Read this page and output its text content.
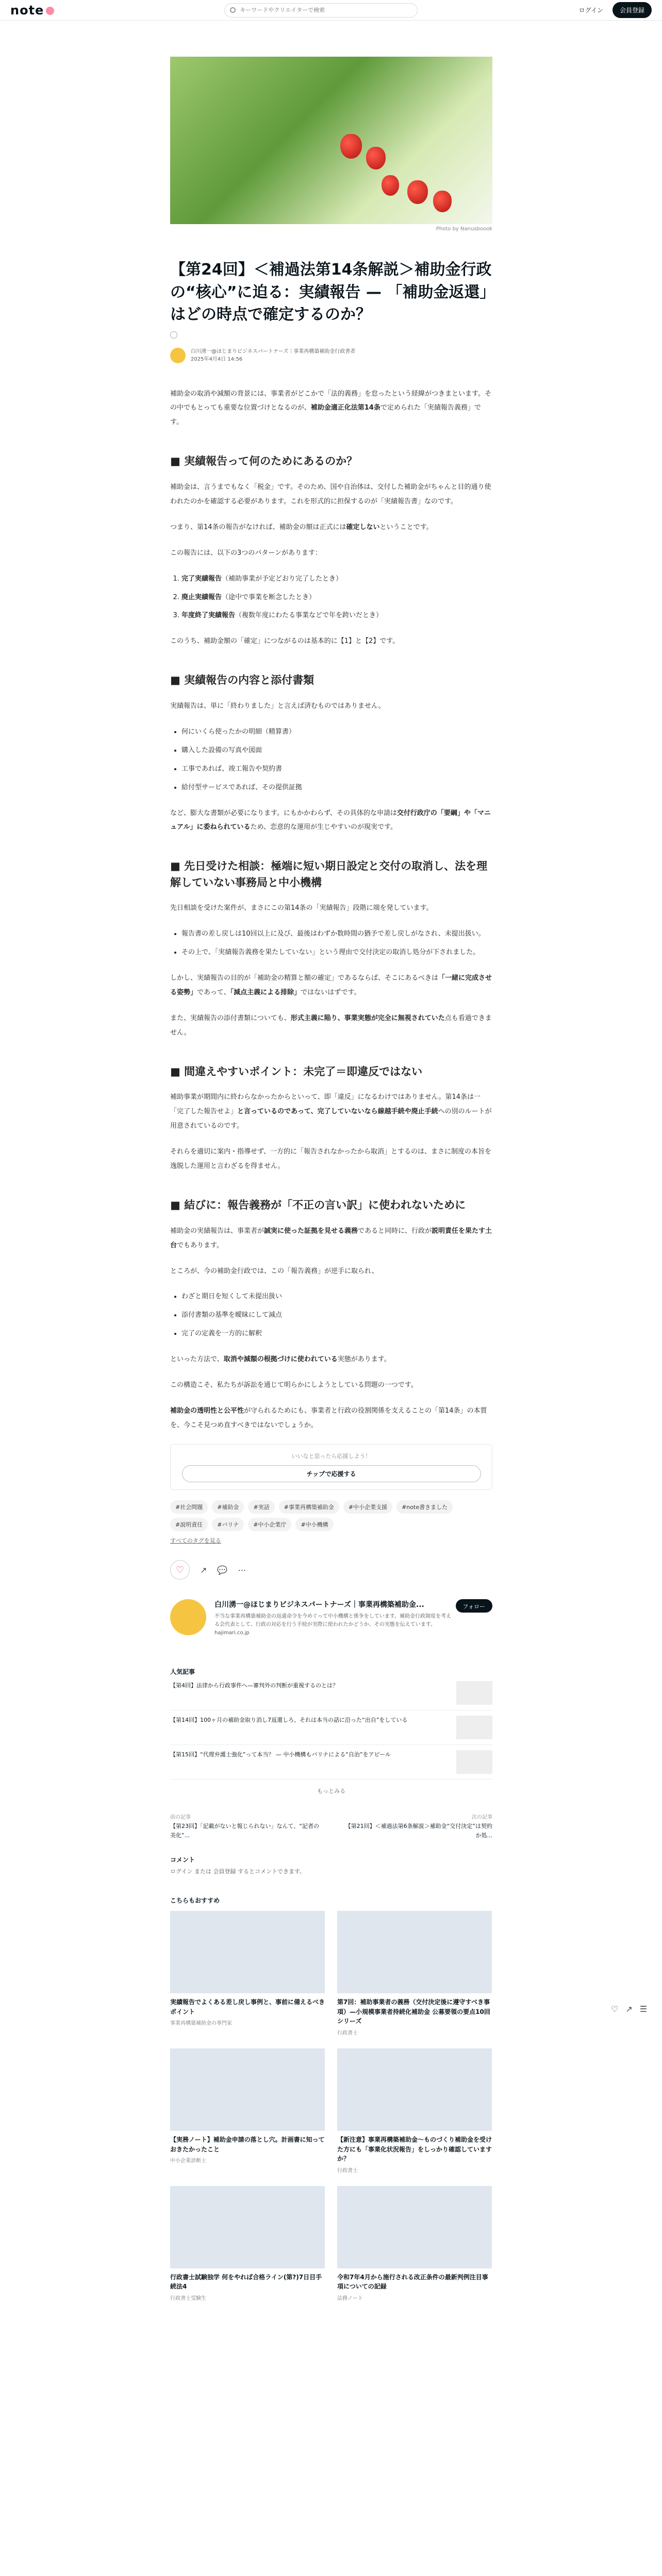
note
キーワードやクリエイターで検索	ログイン	会員登録
Photo by Nanusboook
【第24回】＜補過法第14条解説＞補助金行政の“核心”に迫る：実績報告 — 「補助金返還」はどの時点で確定するのか？
白川湧一@ほじまりビジネスパートナーズ｜事業再構築補助金行政書者
2025年4月4日 14:56

補助金の取消や減額の背景には、事業者がどこかで「法的義務」を怠ったという経緯がつきまといます。その中でもとっても重要な位置づけとなるのが、補助金適正化法第14条で定められた「実績報告義務」です。

■ 実績報告って何のためにあるのか？

補助金は、言うまでもなく「税金」です。そのため、国や自治体は、交付した補助金がちゃんと目的通り使われたのかを確認する必要があります。これを形式的に担保するのが「実績報告書」なのです。

つまり、第14条の報告がなければ、補助金の額は正式には確定しないということです。

この報告には、以下の3つのパターンがあります：

1. 完了実績報告（補助事業が予定どおり完了したとき）
2. 廃止実績報告（途中で事業を断念したとき）
3. 年度終了実績報告（複数年度にわたる事業などで年を跨いだとき）

このうち、補助金額の「確定」につながるのは基本的に【1】と【2】です。

■ 実績報告の内容と添付書類

実績報告は、単に「終わりました」と言えば済むものではありません。

• 何にいくら使ったかの明細（精算書）
• 購入した設備の写真や図面
• 工事であれば、竣工報告や契約書
• 給付型サービスであれば、その提供証拠

など、膨大な書類が必要になります。にもかかわらず、その具体的な申請は交付行政庁の「要綱」や「マニュアル」に委ねられているため、恋意的な運用が生じやすいのが現実です。

■ 先日受けた相談：極端に短い期日設定と交付の取消し、法を理解していない事務局と中小機構

先日相談を受けた案件が、まさにこの第14条の「実績報告」段階に端を発しています。

• 報告書の差し戻しは10回以上に及び、最後はわずか数時間の猶予で差し戻しがなされ、未提出扱い。
• その上で、「実績報告義務を果たしていない」という理由で交付決定の取消し処分が下されました。

しかし、実績報告の目的が「補助金の精算と額の確定」であるならば、そこにあるべきは「一緒に完成させる姿勢」であって、「減点主義による排除」ではないはずです。

また、実績報告の添付書類についても、形式主義に陥り、事業実態が完全に無視されていた点も看過できません。

■ 間違えやすいポイント：未完了＝即違反ではない

補助事業が期間内に終わらなかったからといって、即「違反」になるわけではありません。第14条は一「完了した報告せよ」と言っているのであって、完了していないなら線越手続や廃止手続への別のルートが用意されているのです。

それらを適切に案内・指導せず、一方的に「報告されなかったから取消」とするのは、まさに制度の本旨を逸脱した運用と言わざるを得ません。

■ 結びに：報告義務が「不正の言い訳」に使われないために

補助金の実績報告は、事業者が誠実に使った証拠を見せる義務であると同時に、行政が説明責任を果たす土台でもあります。

ところが、今の補助金行政では、この「報告義務」が逆手に取られ、

• わざと期日を短くして未提出扱い
• 添付書類の基準を曖昧にして減点
• 完了の定義を一方的に解釈

といった方法で、取消や減額の根拠づけに使われている実態があります。

この構造こそ、私たちが訴訟を通じて明らかにしようとしている問題の一つです。

補助金の透明性と公平性が守られるためにも、事業者と行政の役割関係を支えることの「第14条」の本質を、今こそ見つめ直すべきではないでしょうか。

いいなと思ったら応援しよう！
チップで応援する
#社会問題	#補助金	#実話	#事業再構築補助金	#中小企業支援	#note書きました
#説明責任	#バリナ	#中小企業庁	#中小機構
すべてのタグを見る
♡ ↗ 💬 ⋯
白川湧一@ほじまりビジネスパートナーズ｜事業再構築補助金...
不当な事業再構築補助金の返還命令を今めぐって中小機構と係争をしています。補助金行政制度を考える会代表として、行政の対応を行う手続が実際に使われたかどうか、その実態を伝えています。hajimari.co.jp
フォロー
人気記事
【第4回】法律から行政事件へ—審判外の判断が重視するのとは？
【第14回】100ヶ月の補助金取り消し7返還しろ、それは本当の話に沿った“出自”をしている
【第15回】“代理弁護士強化”って本当？ — 中小機構もバリナによる“自治”をアピール
もっとみる
前の記事
【第23回】「記載がないと報じられない」なんて、“記者の美化”...
次の記事
【第21回】＜補過法第6条解説＞補助金“交付決定”は契約か処...
コメント
ログイン または 会員登録 するとコメントできます。
こちらもおすすめ
実績報告でよくある差し戻し事例と、事前に備えるべきポイント
事業再構築補助金の専門家
第7回：補助事業者の義務（交付決定後に遵守すべき事項）—小規模事業者持続化補助金 公募要領の要点10回シリーズ
行政書士
【実務ノート】補助金申請の落とし穴。計画書に知っておきたかったこと
中小企業診断士
【新注意】事業再構築補助金〜ものづくり補助金を受けた方にも「事業化状況報告」をしっかり確認していますか？
行政書士
行政書士試験独学 何をやれば合格ライン(第?)7日目手続法4
行政書士受験生
令和7年4月から施行される改正条件の最新判例注目事項についての記録
法務ノート
♡ ↗ ☰
